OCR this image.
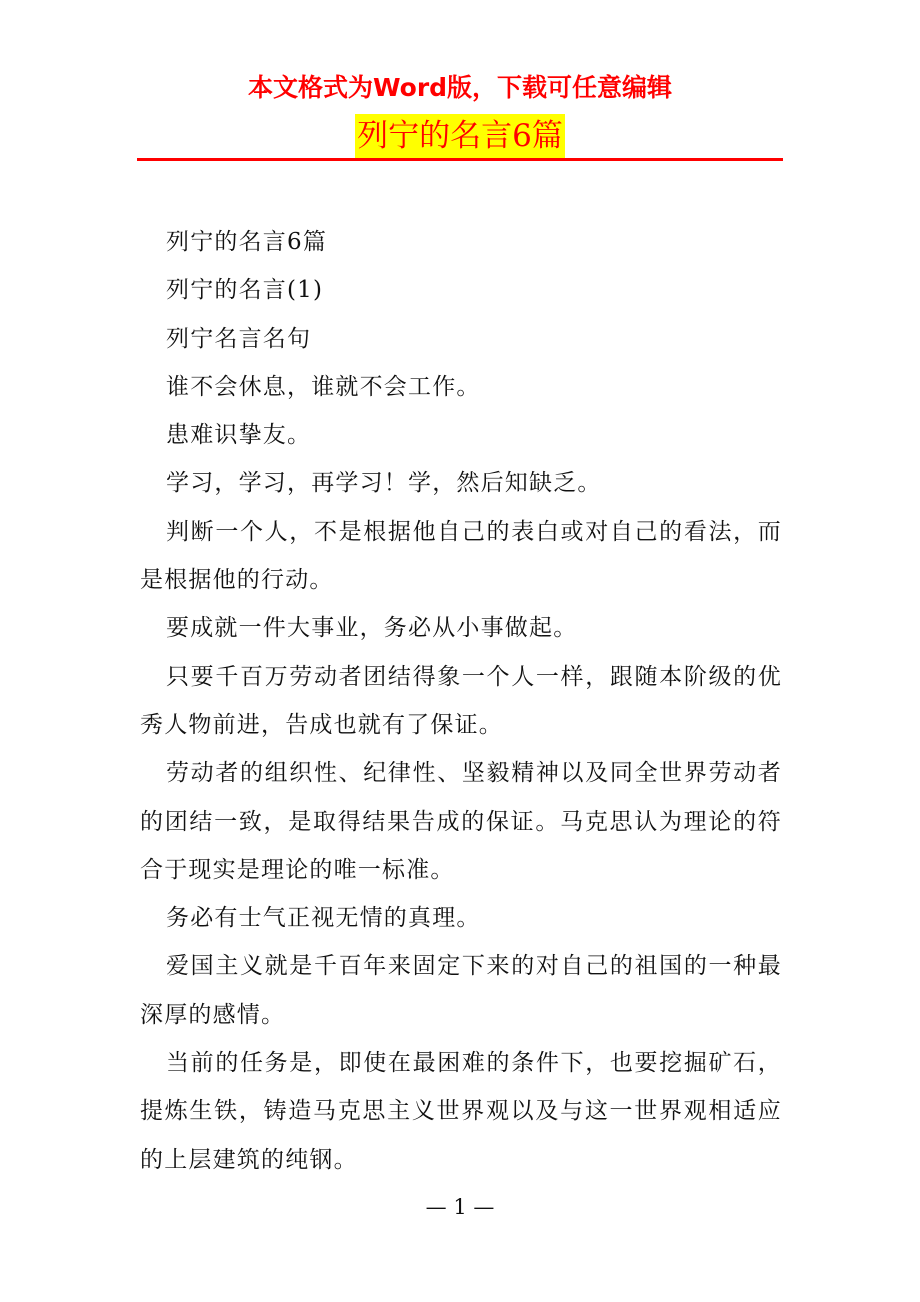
本文格式为Word版，下载可任意编辑
列宁的名言6篇

列宁的名言6篇

列宁的名言(1)

列宁名言名句

谁不会休息，谁就不会工作。

患难识挚友。

学习，学习，再学习！学，然后知缺乏。

判断一个人，不是根据他自己的表白或对自己的看法，而是根据他的行动。

要成就一件大事业，务必从小事做起。

只要千百万劳动者团结得象一个人一样，跟随本阶级的优秀人物前进，告成也就有了保证。

劳动者的组织性、纪律性、坚毅精神以及同全世界劳动者的团结一致，是取得结果告成的保证。马克思认为理论的符合于现实是理论的唯一标准。

务必有士气正视无情的真理。

爱国主义就是千百年来固定下来的对自己的祖国的一种最深厚的感情。

当前的任务是，即使在最困难的条件下，也要挖掘矿石，提炼生铁，铸造马克思主义世界观以及与这一世界观相适应的上层建筑的纯钢。

— 1 —
